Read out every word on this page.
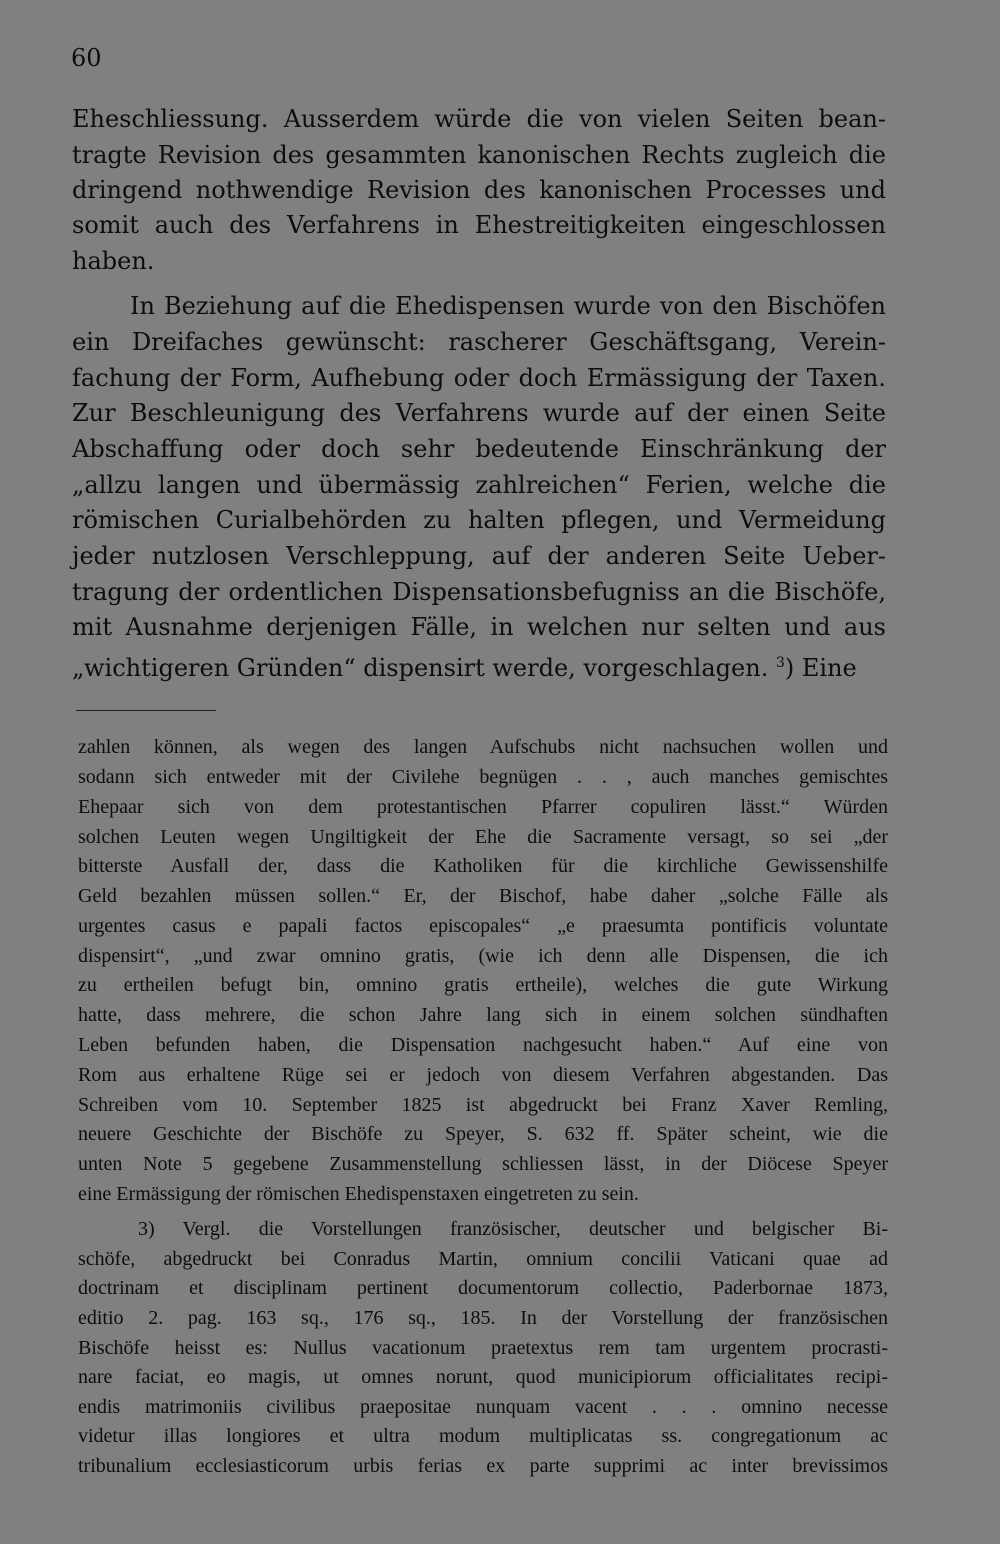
60
Eheschliessung. Ausserdem würde die von vielen Seiten bean-
tragte Revision des gesammten kanonischen Rechts zugleich die
dringend nothwendige Revision des kanonischen Processes und
somit auch des Verfahrens in Ehestreitigkeiten eingeschlossen
haben.
In Beziehung auf die Ehedispensen wurde von den Bischöfen
ein Dreifaches gewünscht: rascherer Geschäftsgang, Verein-
fachung der Form, Aufhebung oder doch Ermässigung der Taxen.
Zur Beschleunigung des Verfahrens wurde auf der einen Seite
Abschaffung oder doch sehr bedeutende Einschränkung der
„allzu langen und übermässig zahlreichen“ Ferien, welche die
römischen Curialbehörden zu halten pflegen, und Vermeidung
jeder nutzlosen Verschleppung, auf der anderen Seite Ueber-
tragung der ordentlichen Dispensationsbefugniss an die Bischöfe,
mit Ausnahme derjenigen Fälle, in welchen nur selten und aus
„wichtigeren Gründen“ dispensirt werde, vorgeschlagen. $^3$) Eine
zahlen können, als wegen des langen Aufschubs nicht nachsuchen wollen und
sodann sich entweder mit der Civilehe begnügen . . , auch manches gemischtes
Ehepaar sich von dem protestantischen Pfarrer copuliren lässt.“ Würden
solchen Leuten wegen Ungiltigkeit der Ehe die Sacramente versagt, so sei „der
bitterste Ausfall der, dass die Katholiken für die kirchliche Gewissenshilfe
Geld bezahlen müssen sollen.“ Er, der Bischof, habe daher „solche Fälle als
urgentes casus e papali factos episcopales“ „e praesumta pontificis voluntate
dispensirt“, „und zwar omnino gratis, (wie ich denn alle Dispensen, die ich
zu ertheilen befugt bin, omnino gratis ertheile), welches die gute Wirkung
hatte, dass mehrere, die schon Jahre lang sich in einem solchen sündhaften
Leben befunden haben, die Dispensation nachgesucht haben.“ Auf eine von
Rom aus erhaltene Rüge sei er jedoch von diesem Verfahren abgestanden. Das
Schreiben vom 10. September 1825 ist abgedruckt bei Franz Xaver Remling,
neuere Geschichte der Bischöfe zu Speyer, S. 632 ff. Später scheint, wie die
unten Note 5 gegebene Zusammenstellung schliessen lässt, in der Diöcese Speyer
eine Ermässigung der römischen Ehedispenstaxen eingetreten zu sein.
3) Vergl. die Vorstellungen französischer, deutscher und belgischer Bi-
schöfe, abgedruckt bei Conradus Martin, omnium concilii Vaticani quae ad
doctrinam et disciplinam pertinent documentorum collectio, Paderbornae 1873,
editio 2. pag. 163 sq., 176 sq., 185. In der Vorstellung der französischen
Bischöfe heisst es: Nullus vacationum praetextus rem tam urgentem procrasti-
nare faciat, eo magis, ut omnes norunt, quod municipiorum officialitates recipi-
endis matrimoniis civilibus praepositae nunquam vacent . . . omnino necesse
videtur illas longiores et ultra modum multiplicatas ss. congregationum ac
tribunalium ecclesiasticorum urbis ferias ex parte supprimi ac inter brevissimos
